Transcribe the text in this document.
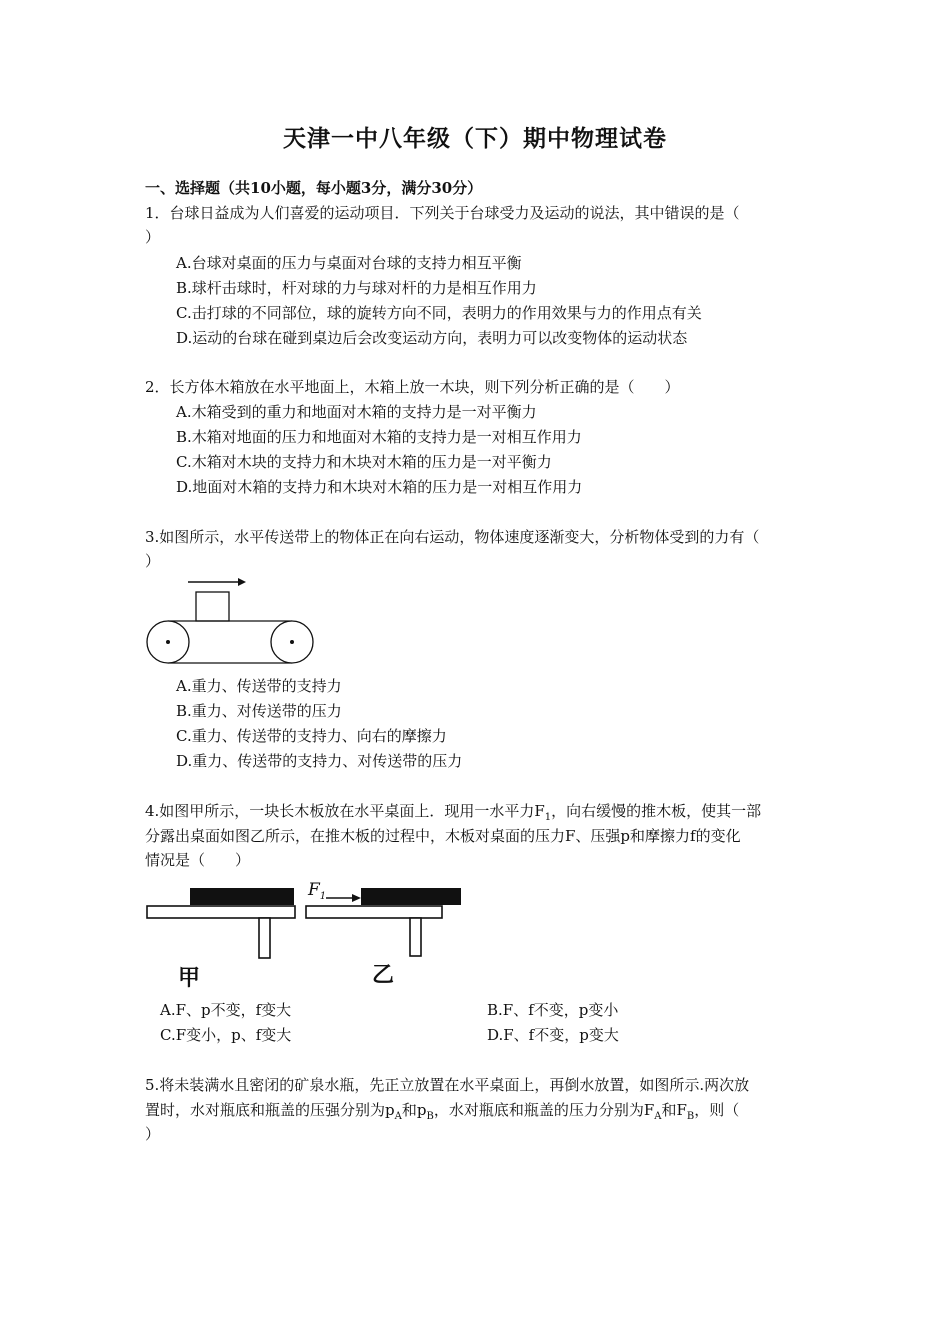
天津一中八年级（下）期中物理试卷
一、选择题（共10小题，每小题3分，满分30分）
1．台球日益成为人们喜爱的运动项目．下列关于台球受力及运动的说法，其中错误的是（
）
A.台球对桌面的压力与桌面对台球的支持力相互平衡
B.球杆击球时，杆对球的力与球对杆的力是相互作用力
C.击打球的不同部位，球的旋转方向不同，表明力的作用效果与力的作用点有关
D.运动的台球在碰到桌边后会改变运动方向，表明力可以改变物体的运动状态
2．长方体木箱放在水平地面上，木箱上放一木块，则下列分析正确的是（　　）
A.木箱受到的重力和地面对木箱的支持力是一对平衡力
B.木箱对地面的压力和地面对木箱的支持力是一对相互作用力
C.木箱对木块的支持力和木块对木箱的压力是一对平衡力
D.地面对木箱的支持力和木块对木箱的压力是一对相互作用力
3.如图所示，水平传送带上的物体正在向右运动，物体速度逐渐变大，分析物体受到的力有（
）
A.重力、传送带的支持力
B.重力、对传送带的压力
C.重力、传送带的支持力、向右的摩擦力
D.重力、传送带的支持力、对传送带的压力
4.如图甲所示，一块长木板放在水平桌面上．现用一水平力$F_1$，向右缓慢的推木板，使其一部
分露出桌面如图乙所示，在推木板的过程中，木板对桌面的压力F、压强p和摩擦力f的变化
情况是（　　）
甲
$F_1$
乙
A.F、p不变，f变大	B.F、f不变，p变小
C.F变小，p、f变大	D.F、f不变，p变大
5.将未装满水且密闭的矿泉水瓶，先正立放置在水平桌面上，再倒水放置，如图所示.两次放
置时，水对瓶底和瓶盖的压强分别为$p_A$和$p_B$，水对瓶底和瓶盖的压力分别为$F_A$和$F_B$，则（
）
